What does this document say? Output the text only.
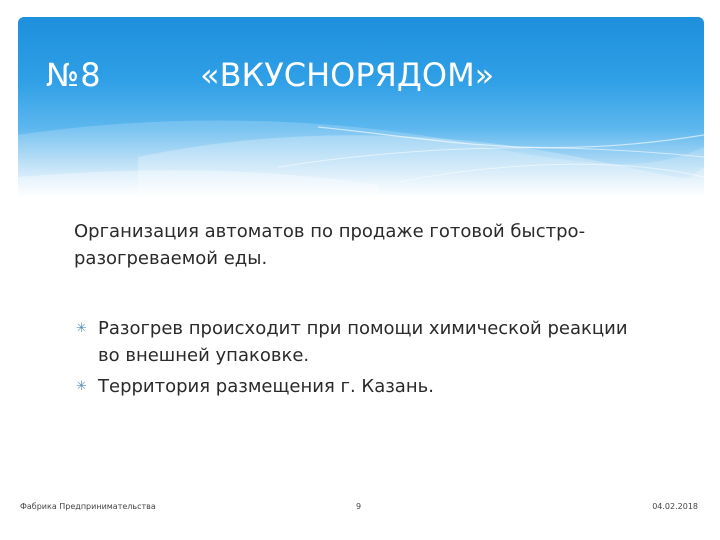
№8	«ВКУСНОРЯДОМ»
Организация автоматов по продаже готовой быстро-разогреваемой еды.
✳ Разогрев происходит при помощи химической реакции во внешней упаковке.
✳ Территория размещения г. Казань.
Фабрика Предпринимательства	9	04.02.2018
